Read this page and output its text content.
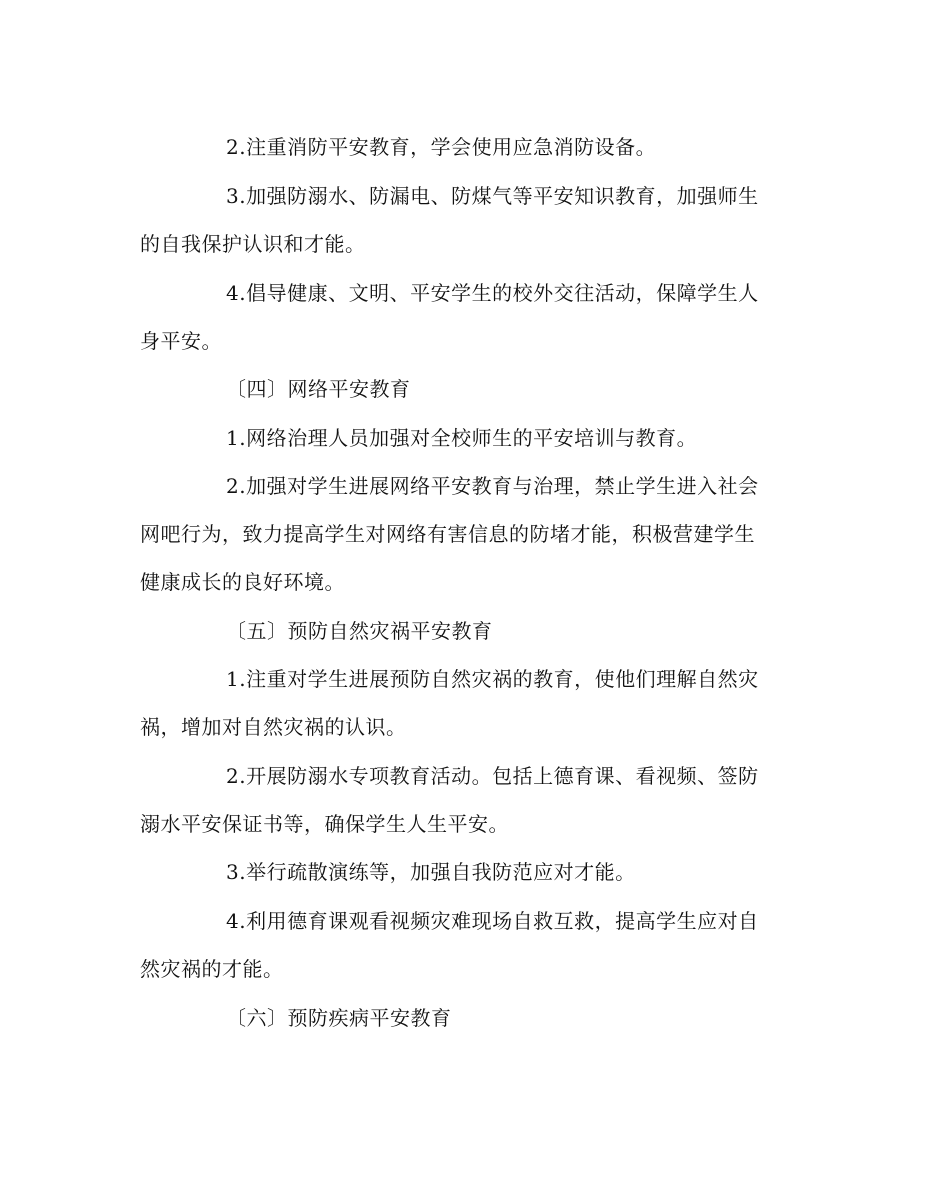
2.注重消防平安教育，学会使用应急消防设备。
3.加强防溺水、防漏电、防煤气等平安知识教育，加强师生
的自我保护认识和才能。
4.倡导健康、文明、平安学生的校外交往活动，保障学生人
身平安。
〔四〕网络平安教育
1.网络治理人员加强对全校师生的平安培训与教育。
2.加强对学生进展网络平安教育与治理，禁止学生进入社会
网吧行为，致力提高学生对网络有害信息的防堵才能，积极营建学生
健康成长的良好环境。
〔五〕预防自然灾祸平安教育
1.注重对学生进展预防自然灾祸的教育，使他们理解自然灾
祸，增加对自然灾祸的认识。
2.开展防溺水专项教育活动。包括上德育课、看视频、签防
溺水平安保证书等，确保学生人生平安。
3.举行疏散演练等，加强自我防范应对才能。
4.利用德育课观看视频灾难现场自救互救，提高学生应对自
然灾祸的才能。
〔六〕预防疾病平安教育
